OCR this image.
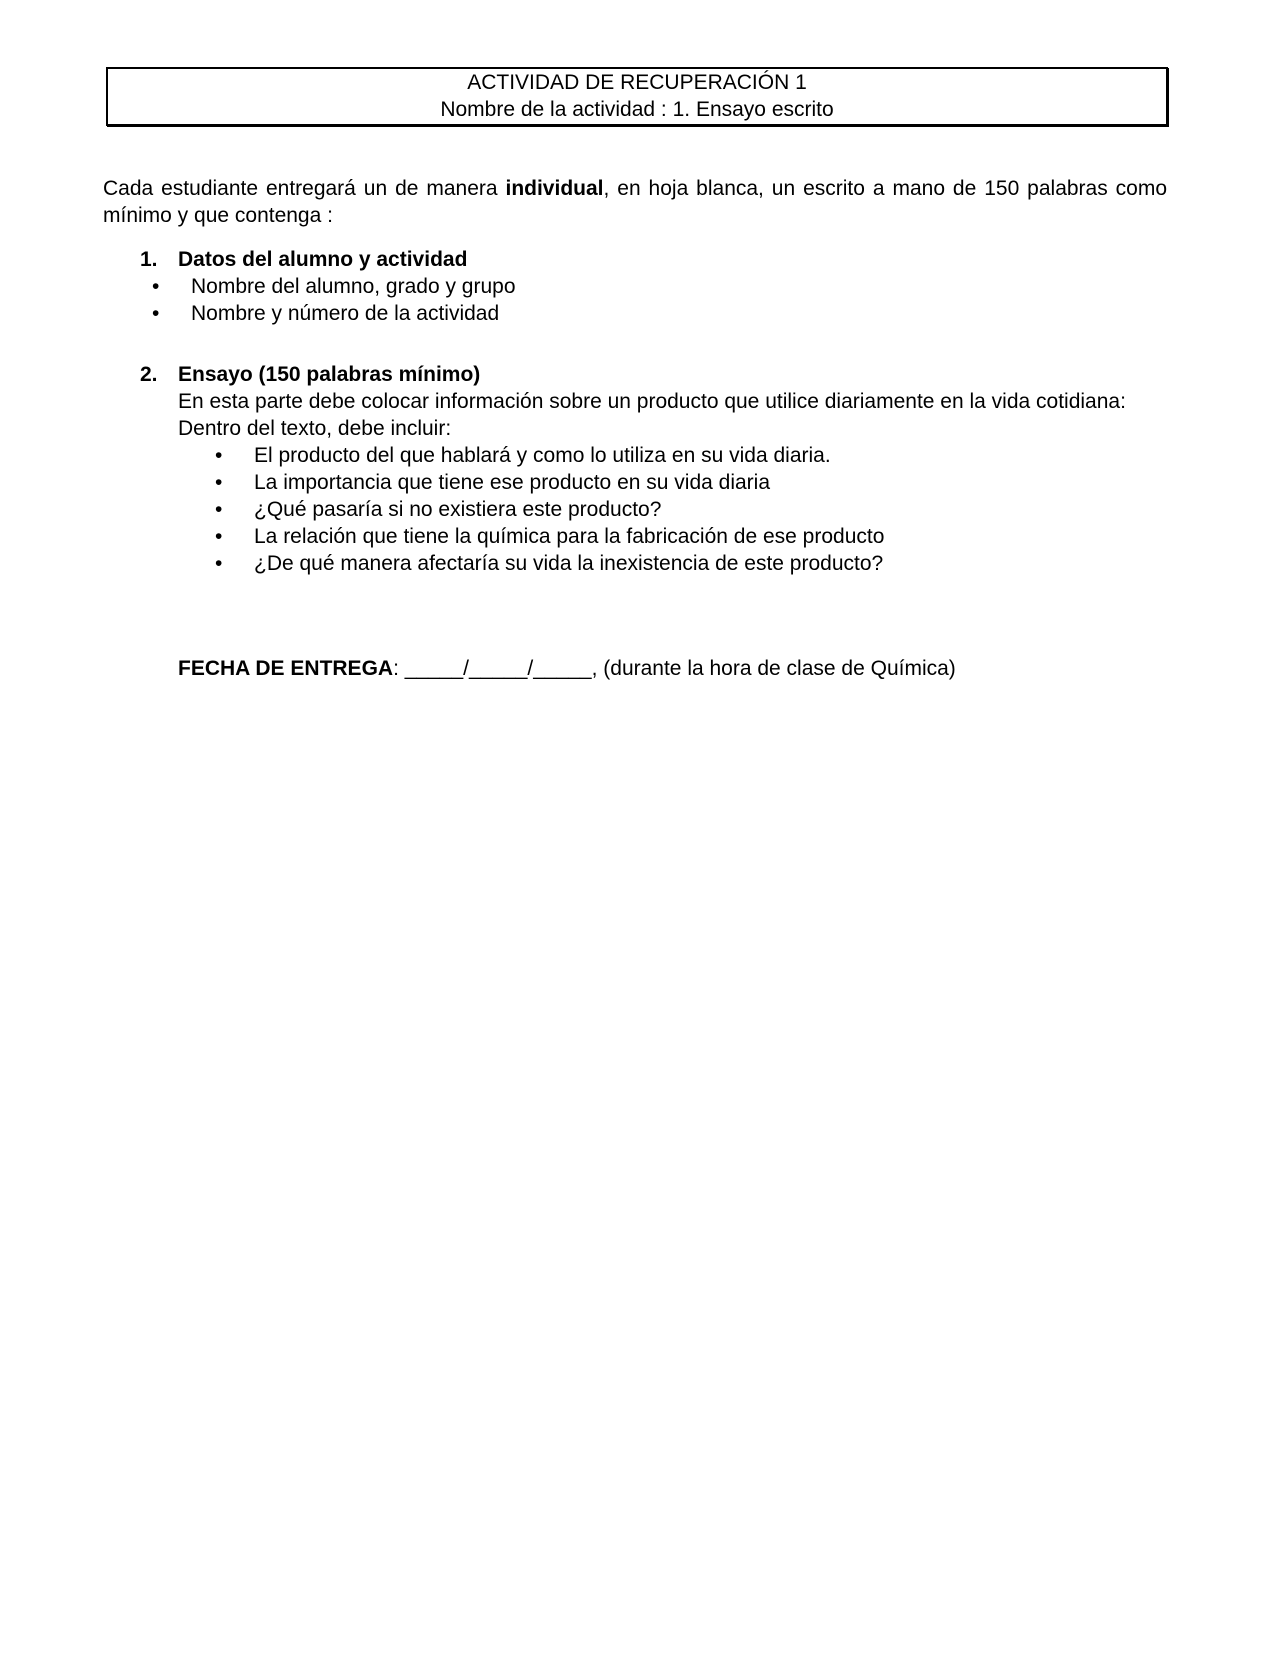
ACTIVIDAD DE RECUPERACIÓN 1
Nombre de la actividad : 1. Ensayo escrito
Cada estudiante entregará un de manera individual, en hoja blanca, un escrito a mano de 150 palabras como mínimo y que contenga :
1. Datos del alumno y actividad
• Nombre del alumno, grado y grupo
• Nombre y número de la actividad
2. Ensayo (150 palabras mínimo)
En esta parte debe colocar información sobre un producto que utilice diariamente en la vida cotidiana:
Dentro del texto, debe incluir:
• El producto del que hablará y como lo utiliza en su vida diaria.
• La importancia que tiene ese producto en su vida diaria
• ¿Qué pasaría si no existiera este producto?
• La relación que tiene la química para la fabricación de ese producto
• ¿De qué manera afectaría su vida la inexistencia de este producto?
FECHA DE ENTREGA: _____/_____/_____, (durante la hora de clase de Química)
